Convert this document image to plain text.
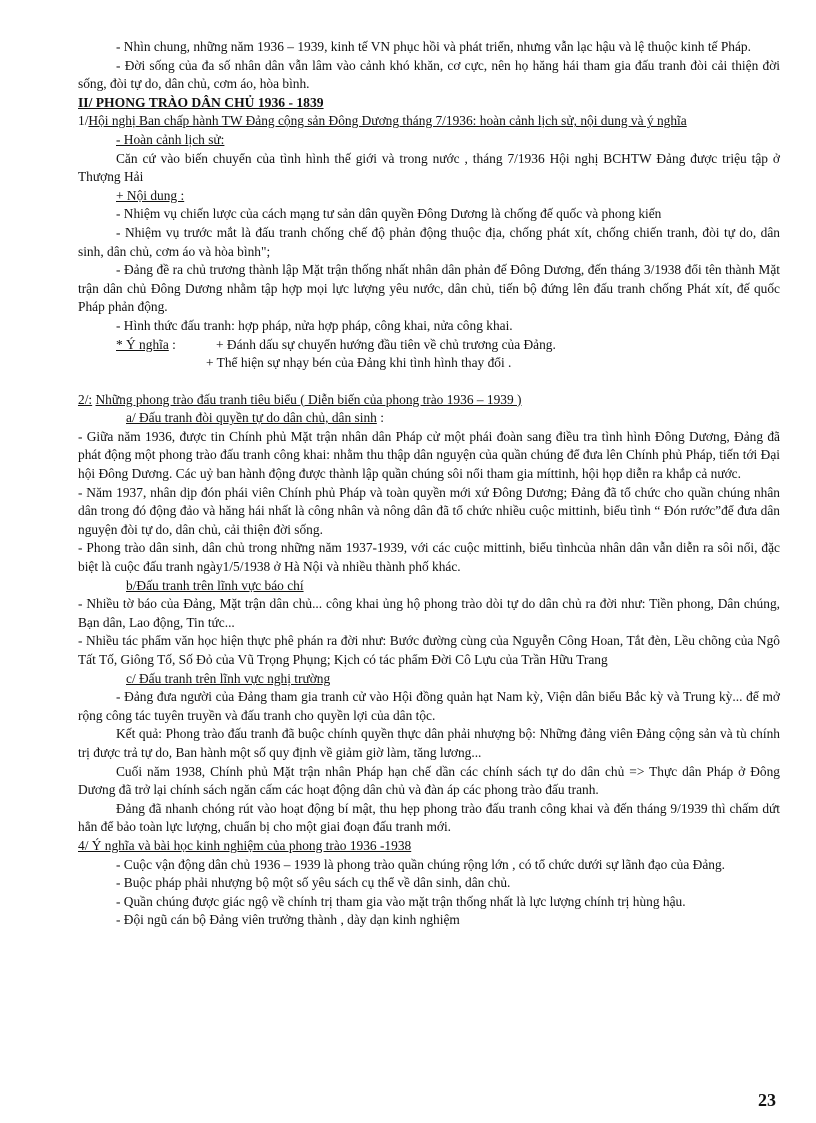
- Nhìn chung, những năm 1936 – 1939, kinh tế VN phục hồi và phát triển, nhưng vẫn lạc hậu và lệ thuộc kinh tế Pháp.

- Đời sống của đa số nhân dân vẫn lâm vào cảnh khó khăn, cơ cực, nên họ hăng hái tham gia đấu tranh đòi cải thiện đời sống, đòi tự do, dân chủ, cơm áo, hòa bình.

II/ PHONG TRÀO DÂN CHỦ 1936 - 1839

1/Hội nghị Ban chấp hành TW Đảng cộng sản Đông Dương tháng 7/1936: hoàn cảnh lịch sử, nội dung và ý nghĩa

- Hoàn cảnh lịch sử:

Căn cứ vào biến chuyển của tình hình thế giới và trong nước , tháng 7/1936 Hội nghị BCHTW Đảng được triệu tập ở Thượng Hải

+ Nội dung :

- Nhiệm vụ chiến lược của cách mạng tư sản dân quyền Đông Dương là chống đế quốc và phong kiến

- Nhiệm vụ trước mắt là đấu tranh chống chế độ phản động thuộc địa, chống phát xít, chống chiến tranh, đòi tự do, dân sinh, dân chủ, cơm áo và hòa bình";

- Đảng đề ra chủ trương thành lập Mặt trận thống nhất nhân dân phản đế Đông Dương, đến tháng 3/1938 đổi tên thành Mặt trận dân chủ Đông Dương nhằm tập hợp mọi lực lượng yêu nước, dân chủ, tiến bộ đứng lên đấu tranh chống Phát xít, đế quốc Pháp phản động.

- Hình thức đấu tranh: hợp pháp, nửa hợp pháp, công khai, nửa công khai.

* Ý nghĩa :	+ Đánh dấu sự chuyển hướng đầu tiên về chủ trương của Đảng.
+ Thể hiện sự nhạy bén của Đảng khi tình hình thay đổi .

2/: Những phong trào đấu tranh tiêu biểu ( Diễn biến của phong trào 1936 – 1939 )

a/ Đấu tranh đòi quyền tự do dân chủ, dân sinh :

- Giữa năm 1936, được tin Chính phủ Mặt trận nhân dân Pháp cử một phái đoàn sang điều tra tình hình Đông Dương, Đảng đã phát động một phong trào đấu tranh công khai: nhằm thu thập dân nguyện của quần chúng để đưa lên Chính phủ Pháp, tiến tới Đại hội Đông Dương. Các uỷ ban hành động được thành lập quần chúng sôi nổi tham gia míttinh, hội họp diễn ra khắp cả nước.

- Năm 1937, nhân dịp đón phái viên Chính phủ Pháp và toàn quyền mới xứ Đông Dương; Đảng đã tổ chức cho quần chúng nhân dân trong đó động đảo và hăng hái nhất là công nhân và nông dân đã tổ chức nhiều cuộc mittinh, biểu tình “ Đón rước”để đưa dân nguyện đòi tự do, dân chủ, cải thiện đời sống.

- Phong trào dân sinh, dân chủ trong những năm 1937-1939, với các cuộc mittinh, biểu tìnhcủa nhân dân vẫn diễn ra sôi nổi, đặc biệt là cuộc đấu tranh ngày1/5/1938 ở Hà Nội và nhiều thành phố khác.

b/Đấu tranh trên lĩnh vực báo chí

- Nhiều tờ báo của Đảng, Mặt trận dân chủ... công khai ủng hộ phong trào dòi tự do dân chủ ra đời như: Tiền phong, Dân chúng, Bạn dân, Lao động, Tin tức...

- Nhiều tác phẩm văn học hiện thực phê phán ra đời như: Bước đường cùng của Nguyễn Công Hoan, Tắt đèn, Lều chõng của Ngô Tất Tố, Giông Tố, Số Đỏ của Vũ Trọng Phụng; Kịch có tác phẩm Đời Cô Lựu của Trần Hữu Trang

c/ Đấu tranh trên lĩnh vực nghị trường

- Đảng đưa người của Đảng tham gia tranh cử vào Hội đồng quản hạt Nam kỳ, Viện dân biểu Bắc kỳ và Trung kỳ... để mở rộng công tác tuyên truyền và đấu tranh cho quyền lợi của dân tộc.

Kết quả: Phong trào đấu tranh đã buộc chính quyền thực dân phải nhượng bộ: Những đảng viên Đảng cộng sản và tù chính trị được trả tự do, Ban hành một số quy định về giảm giờ làm, tăng lương...

Cuối năm 1938, Chính phủ Mặt trận nhân Pháp hạn chế dần các chính sách tự do dân chủ => Thực dân Pháp ở Đông Dương đã trở lại chính sách ngăn cấm các hoạt động dân chủ và đàn áp các phong trào đấu tranh.

Đảng đã nhanh chóng rút vào hoạt động bí mật, thu hẹp phong trào đấu tranh công khai và đến tháng 9/1939 thì chấm dứt hẳn để bảo toàn lực lượng, chuẩn bị cho một giai đoạn đấu tranh mới.

4/ Ý nghĩa và bài học kinh nghiệm của phong trào 1936 -1938

- Cuộc vận động dân chủ 1936 – 1939 là phong trào quần chúng rộng lớn , có tổ chức dưới sự lãnh đạo của Đảng.

- Buộc pháp phải nhượng bộ một số yêu sách cụ thể về dân sinh, dân chủ.

- Quần chúng được giác ngộ về chính trị tham gia vào mặt trận thống nhất là lực lượng chính trị hùng hậu.

- Đội ngũ cán bộ Đảng viên trưởng thành , dày dạn kinh nghiệm

23
